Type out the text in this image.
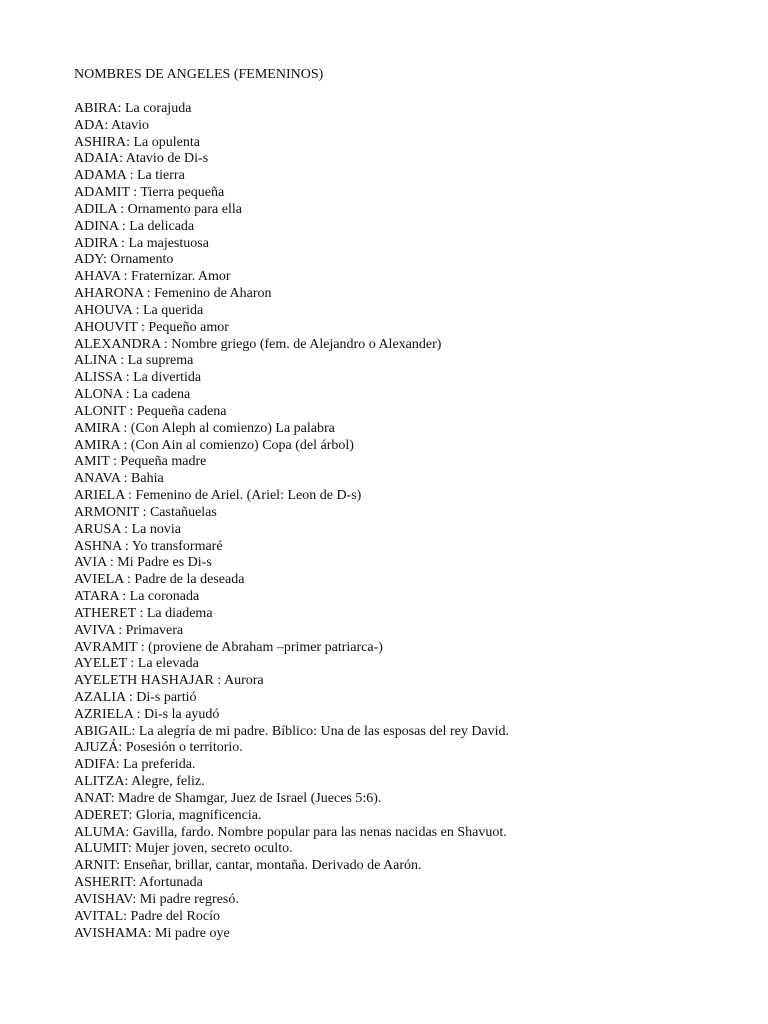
NOMBRES DE ANGELES (FEMENINOS)
ABIRA: La corajuda
ADA: Atavio
ASHIRA: La opulenta
ADAIA: Atavio de Di-s
ADAMA : La tierra
ADAMIT : Tierra pequeña
ADILA : Ornamento para ella
ADINA : La delicada
ADIRA : La majestuosa
ADY: Ornamento
AHAVA : Fraternizar. Amor
AHARONA : Femenino de Aharon
AHOUVA : La querida
AHOUVIT : Pequeño amor
ALEXANDRA : Nombre griego (fem. de Alejandro o Alexander)
ALINA : La suprema
ALISSA : La divertida
ALONA : La cadena
ALONIT : Pequeña cadena
AMIRA : (Con Aleph al comienzo) La palabra
AMIRA : (Con Ain al comienzo) Copa (del árbol)
AMIT : Pequeña madre
ANAVA : Bahia
ARIELA : Femenino de Ariel. (Ariel: Leon de D-s)
ARMONIT : Castañuelas
ARUSA : La novia
ASHNA : Yo transformaré
AVIA : Mi Padre es Di-s
AVIELA : Padre de la deseada
ATARA : La coronada
ATHERET : La diadema
AVIVA : Primavera
AVRAMIT : (proviene de Abraham –primer patriarca-)
AYELET : La elevada
AYELETH HASHAJAR : Aurora
AZALIA : Di-s partió
AZRIELA : Di-s la ayudó
ABIGAIL: La alegría de mi padre. Bíblico: Una de las esposas del rey David.
AJUZÁ: Posesión o territorio.
ADIFA: La preferida.
ALITZA: Alegre, feliz.
ANAT: Madre de Shamgar, Juez de Israel (Jueces 5:6).
ADERET: Gloria, magnificencia.
ALUMA: Gavilla, fardo. Nombre popular para las nenas nacidas en Shavuot.
ALUMIT: Mujer joven, secreto oculto.
ARNIT: Enseñar, brillar, cantar, montaña. Derivado de Aarón.
ASHERIT: Afortunada
AVISHAV: Mi padre regresó.
AVITAL: Padre del Rocío
AVISHAMA: Mi padre oye
